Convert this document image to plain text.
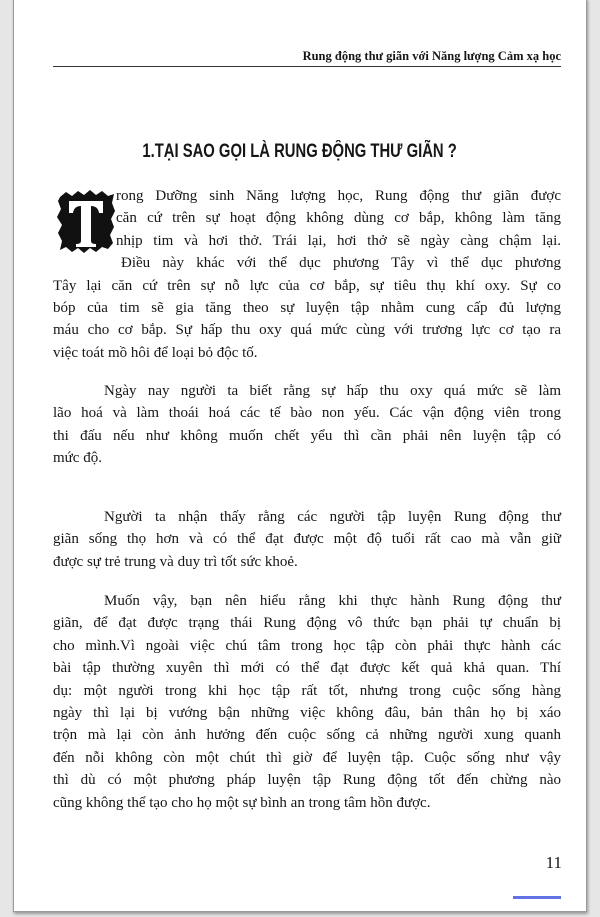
Rung động thư giãn với Năng lượng Cảm xạ học
1.TẠI SAO GỌI LÀ RUNG ĐỘNG THƯ GIÃN ?
rong Dưỡng sinh Năng lượng học, Rung động thư giãn được
căn cứ trên sự hoạt động không dùng cơ bắp, không làm tăng
nhịp tim và hơi thở. Trái lại, hơi thở sẽ ngày càng chậm lại.
Điều này khác với thể dục phương Tây vì thể dục phương
Tây lại căn cứ trên sự nỗ lực của cơ bắp, sự tiêu thụ khí oxy. Sự co
bóp của tim sẽ gia tăng theo sự luyện tập nhằm cung cấp đủ lượng
máu cho cơ bắp. Sự hấp thu oxy quá mức cùng với trương lực cơ tạo ra
việc toát mồ hôi để loại bỏ độc tố.
Ngày nay người ta biết rằng sự hấp thu oxy quá mức sẽ làm
lão hoá và làm thoái hoá các tế bào non yếu. Các vận động viên trong
thi đấu nếu như không muốn chết yểu thì cần phải nên luyện tập có
mức độ.
Người ta nhận thấy rằng các người tập luyện Rung động thư
giãn sống thọ hơn và có thể đạt được một độ tuổi rất cao mà vẫn giữ
được sự trẻ trung và duy trì tốt sức khoẻ.
Muốn vậy, bạn nên hiểu rằng khi thực hành Rung động thư
giãn, để đạt được trạng thái Rung động vô thức bạn phải tự chuẩn bị
cho mình.Vì ngoài việc chú tâm trong học tập còn phải thực hành các
bài tập thường xuyên thì mới có thể đạt được kết quả khả quan. Thí
dụ: một người trong khi học tập rất tốt, nhưng trong cuộc sống hàng
ngày thì lại bị vướng bận những việc không đâu, bản thân họ bị xáo
trộn mà lại còn ảnh hưởng đến cuộc sống cả những người xung quanh
đến nỗi không còn một chút thì giờ để luyện tập. Cuộc sống như vậy
thì dù có một phương pháp luyện tập Rung động tốt đến chừng nào
cũng không thể tạo cho họ một sự bình an trong tâm hồn được.
11
